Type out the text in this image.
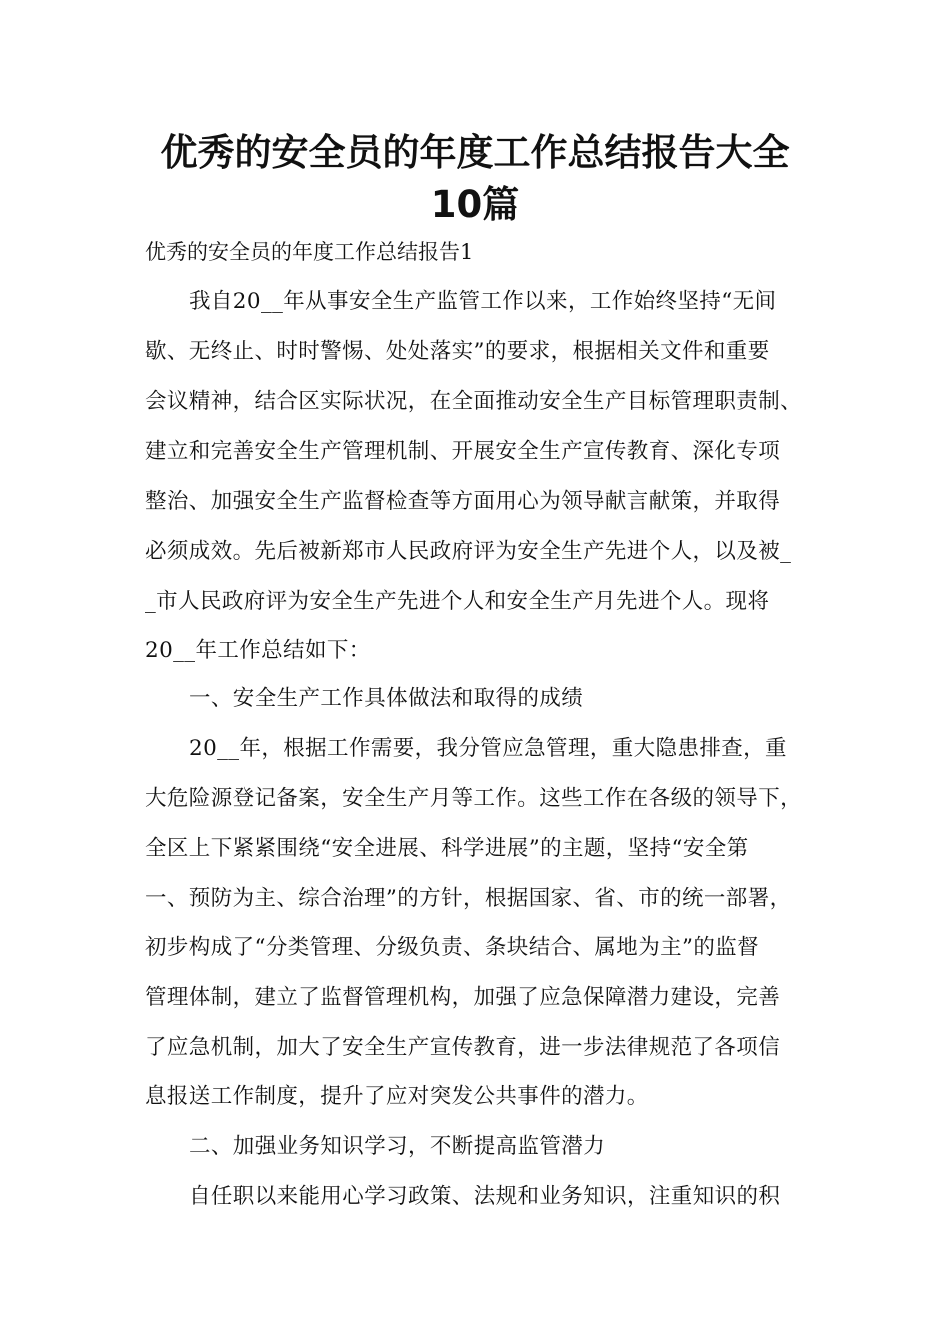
优秀的安全员的年度工作总结报告大全
10篇

优秀的安全员的年度工作总结报告1

我自20__年从事安全生产监管工作以来，工作始终坚持“无间

歇、无终止、时时警惕、处处落实”的要求，根据相关文件和重要

会议精神，结合区实际状况，在全面推动安全生产目标管理职责制、

建立和完善安全生产管理机制、开展安全生产宣传教育、深化专项

整治、加强安全生产监督检查等方面用心为领导献言献策，并取得

必须成效。先后被新郑市人民政府评为安全生产先进个人，以及被_

_市人民政府评为安全生产先进个人和安全生产月先进个人。现将

20__年工作总结如下：

一、安全生产工作具体做法和取得的成绩

20__年，根据工作需要，我分管应急管理，重大隐患排查，重

大危险源登记备案，安全生产月等工作。这些工作在各级的领导下，

全区上下紧紧围绕“安全进展、科学进展”的主题，坚持“安全第

一、预防为主、综合治理”的方针，根据国家、省、市的统一部署，

初步构成了“分类管理、分级负责、条块结合、属地为主”的监督

管理体制，建立了监督管理机构，加强了应急保障潜力建设，完善

了应急机制，加大了安全生产宣传教育，进一步法律规范了各项信

息报送工作制度，提升了应对突发公共事件的潜力。

二、加强业务知识学习，不断提高监管潜力

自任职以来能用心学习政策、法规和业务知识，注重知识的积
